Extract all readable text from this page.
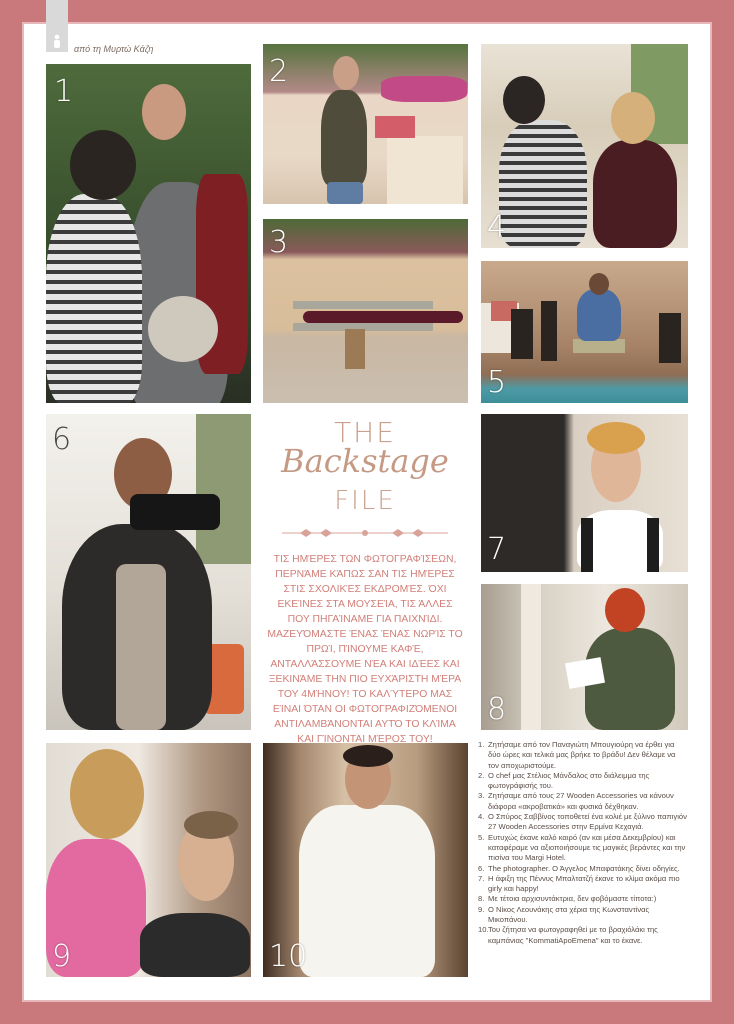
από τη Μυρτώ Κάζη
1
2
3	4
5
6
7
8
9	10
THE
Backstage
FILE
ΤΙΣ ΗΜΈΡΕΣ ΤΩΝ ΦΩΤΟΓΡΑΦΊΣΕΩΝ, ΠΕΡΝΆΜΕ ΚΆΠΩΣ ΣΑΝ ΤΙΣ ΗΜΈΡΕΣ ΣΤΙΣ ΣΧΟΛΙΚΈΣ ΕΚΔΡΟΜΈΣ. ΌΧΙ ΕΚΕΊΝΕΣ ΣΤΑ ΜΟΥΣΕΊΑ, ΤΙΣ ΆΛΛΕΣ ΠΟΥ ΠΗΓΑΊΝΑΜΕ ΓΙΑ ΠΑΙΧΝΊΔΙ. ΜΑΖΕΥΌΜΑΣΤΕ ΈΝΑΣ ΈΝΑΣ ΝΩΡΊΣ ΤΟ ΠΡΩΊ, ΠΊΝΟΥΜΕ ΚΑΦΈ, ΑΝΤΑΛΛΆΣΣΟΥΜΕ ΝΈΑ ΚΑΙ ΙΔΈΕΣ ΚΑΙ ΞΕΚΙΝΆΜΕ ΤΗΝ ΠΙΟ ΕΥΧΆΡΙΣΤΗ ΜΈΡΑ ΤΟΥ 4ΜΉΝΟΥ! ΤΟ ΚΑΛΎΤΕΡΟ ΜΑΣ ΕΊΝΑΙ ΌΤΑΝ ΟΙ ΦΩΤΟΓΡΑΦΙΖΌΜΕΝΟΙ ΑΝΤΙΛΑΜΒΆΝΟΝΤΑΙ ΑΥΤΌ ΤΟ ΚΛΊΜΑ ΚΑΙ ΓΊΝΟΝΤΑΙ ΜΈΡΟΣ ΤΟΥ!	1. Ζητήσαμε από τον Παναγιώτη Μπουγιούρη να έρθει για δύο ώρες και τελικά μας βρήκε το βράδυ! Δεν θέλαμε να τον αποχωριστούμε.
2. Ο chef μας Στέλιος Μάνδαλος στο διάλειμμα της φωτογράφισής του.
3. Ζητήσαμε από τους 27 Wooden Accessories να κάνουν διάφορα «ακροβατικά» και φυσικά δέχθηκαν.
4. Ο Σπύρος Σαββίνος τοποθετεί ένα κολιέ με ξύλινο παπιγιόν 27 Wooden Accessories στην Ερμίνα Κεχαγιά.
5. Ευτυχώς έκανε καλό καιρό (αν και μέσα Δεκεμβρίου) και καταφέραμε να αξιοποιήσουμε τις μαγικές βεράντες και την πισίνα του Margi Hotel.
6. The photographer. Ο Άγγελος Μπαφατάκης δίνει οδηγίες.
7. Η άφιξη της Πέννυς Μπαλτατζή έκανε το κλίμα ακόμα πιο girly και happy!
8. Με τέτοια αρχισυντάκτρια, δεν φοβόμαστε τίποτα:)
9. Ο Νίκος Λεουνάκης στα χέρια της Κωνσταντίνας Μικοπάνου.
10. Του ζήτησα να φωτογραφηθεί με το βραχιόλάκι της καμπάνιας "KommatiApoEmena" και το έκανε.
